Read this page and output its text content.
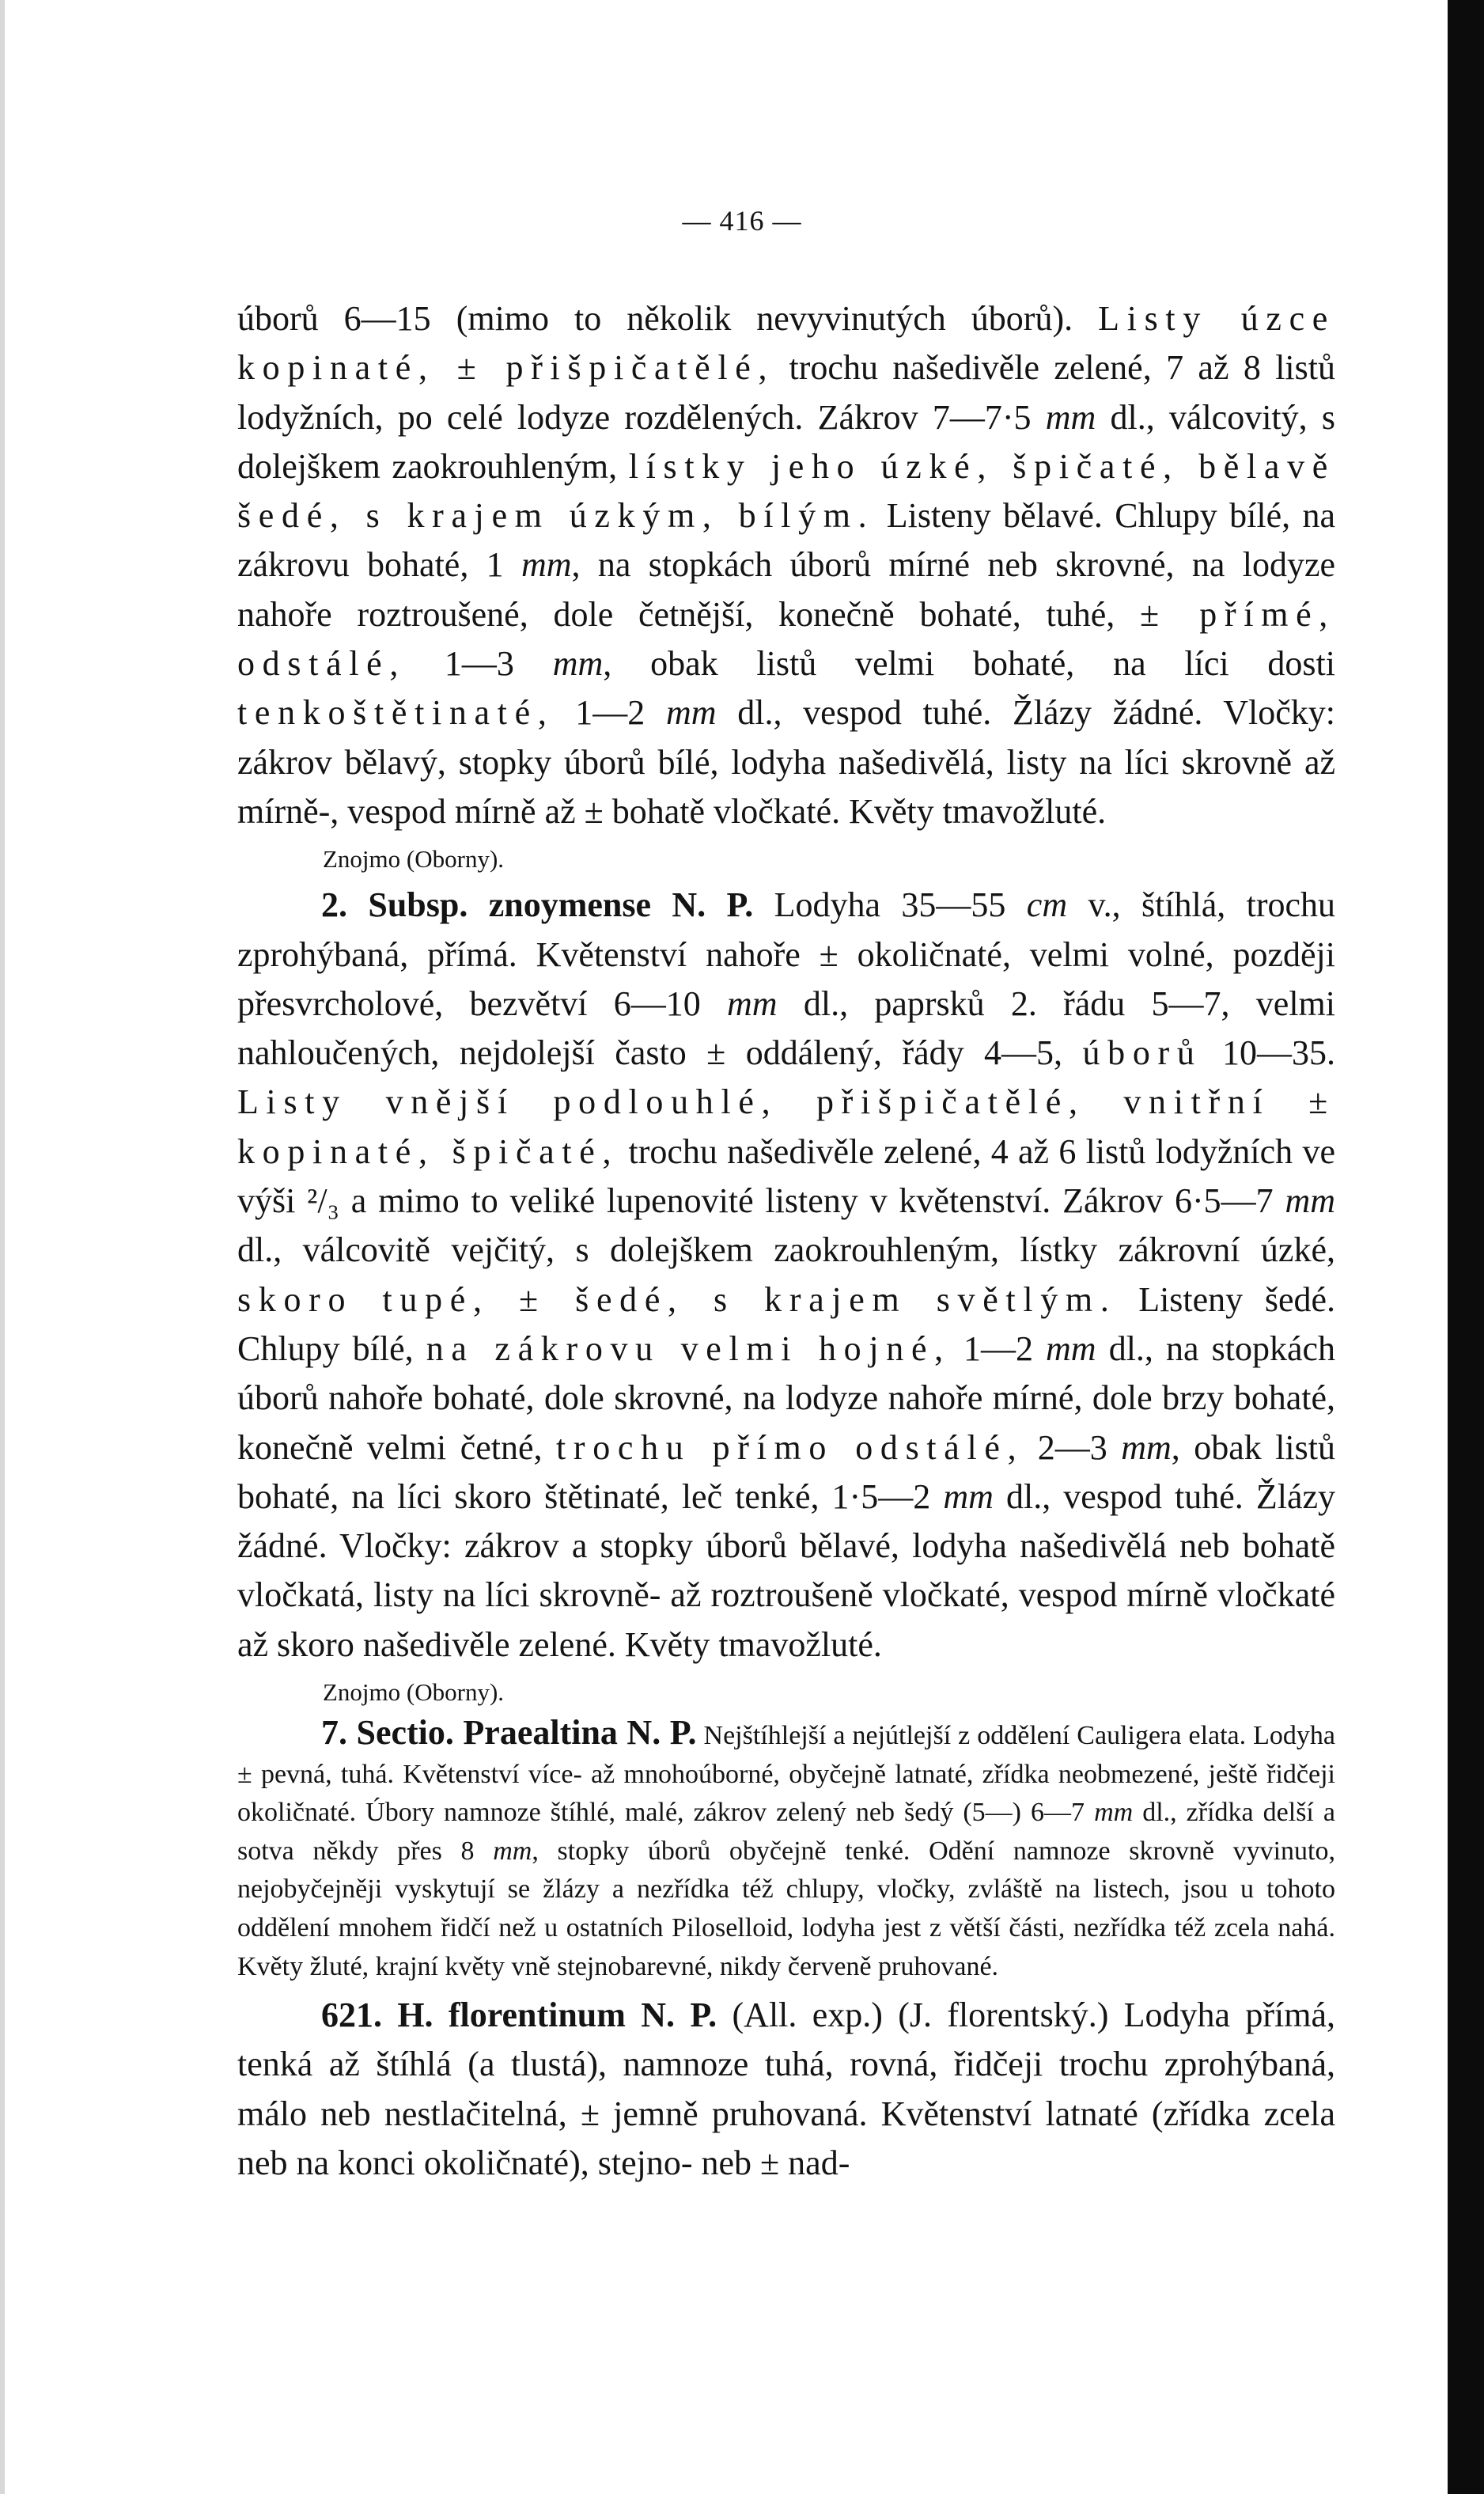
— 416 —

úborů 6—15 (mimo to několik nevyvinutých úborů). Listy úzce kopinaté, ± přišpičatělé, trochu našedivěle zelené, 7 až 8 listů lodyžních, po celé lodyze rozdělených. Zákrov 7—7·5 mm dl., válcovitý, s dolejškem zaokrouhleným, lístky jeho úzké, špičaté, bělavě šedé, s krajem úzkým, bílým. Listeny bělavé. Chlupy bílé, na zákrovu bohaté, 1 mm, na stopkách úborů mírné neb skrovné, na lodyze nahoře roztroušené, dole četnější, konečně bohaté, tuhé, ± přímé, odstálé, 1—3 mm, obak listů velmi bohaté, na líci dosti tenkoštětinaté, 1—2 mm dl., vespod tuhé. Žlázy žádné. Vločky: zákrov bělavý, stopky úborů bílé, lodyha našedivělá, listy na líci skrovně až mírně-, vespod mírně až ± bohatě vločkaté. Květy tmavožluté.

Znojmo (Oborny).

2. Subsp. znoymense N. P. Lodyha 35—55 cm v., štíhlá, trochu zprohýbaná, přímá. Květenství nahoře ± okoličnaté, velmi volné, později přesvrcholové, bezvětví 6—10 mm dl., paprsků 2. řádu 5—7, velmi nahloučených, nejdolejší často ± oddálený, řády 4—5, úborů 10—35. Listy vnější podlouhlé, přišpičatělé, vnitřní ± kopinaté, špičaté, trochu našedivěle zelené, 4 až 6 listů lodyžních ve výši ²/₃ a mimo to veliké lupenovité listeny v květenství. Zákrov 6·5—7 mm dl., válcovitě vejčitý, s dolejškem zaokrouhleným, lístky zákrovní úzké, skoro tupé, ± šedé, s krajem světlým. Listeny šedé. Chlupy bílé, na zákrovu velmi hojné, 1—2 mm dl., na stopkách úborů nahoře bohaté, dole skrovné, na lodyze nahoře mírné, dole brzy bohaté, konečně velmi četné, trochu přímo odstálé, 2—3 mm, obak listů bohaté, na líci skoro štětinaté, leč tenké, 1·5—2 mm dl., vespod tuhé. Žlázy žádné. Vločky: zákrov a stopky úborů bělavé, lodyha našedivělá neb bohatě vločkatá, listy na líci skrovně- až roztroušeně vločkaté, vespod mírně vločkaté až skoro našedivěle zelené. Květy tmavožluté.

Znojmo (Oborny).

7. Sectio. Praealtina N. P. Nejštíhlejší a nejútlejší z oddělení Cauligera elata. Lodyha ± pevná, tuhá. Květenství více- až mnohoúborné, obyčejně latnaté, zřídka neobmezené, ještě řidčeji okoličnaté. Úbory namnoze štíhlé, malé, zákrov zelený neb šedý (5—) 6—7 mm dl., zřídka delší a sotva někdy přes 8 mm, stopky úborů obyčejně tenké. Odění namnoze skrovně vyvinuto, nejobyčejněji vyskytují se žlázy a nezřídka též chlupy, vločky, zvláště na listech, jsou u tohoto oddělení mnohem řidčí než u ostatních Piloselloid, lodyha jest z větší části, nezřídka též zcela nahá. Květy žluté, krajní květy vně stejnobarevné, nikdy červeně pruhované.

621. H. florentinum N. P. (All. exp.) (J. florentský.) Lodyha přímá, tenká až štíhlá (a tlustá), namnoze tuhá, rovná, řidčeji trochu zprohýbaná, málo neb nestlačitelná, ± jemně pruhovaná. Květenství latnaté (zřídka zcela neb na konci okoličnaté), stejno- neb ± nad-
